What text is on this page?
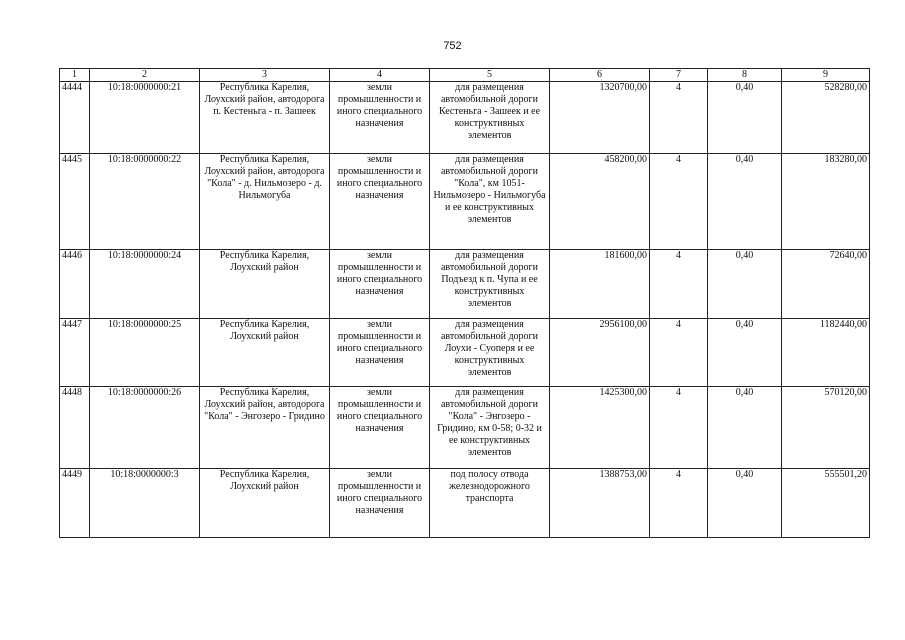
752
1	2	3	4	5	6	7	8	9
4444	10:18:0000000:21	Республика Карелия, Лоухский район, автодорога п. Кестеньга - п. Зашеек	земли промышленности и иного специального назначения	для размещения автомобильной дороги Кестеньга - Зашеек и ее конструктивных элементов	1320700,00	4	0,40	528280,00
4445	10:18:0000000:22	Республика Карелия, Лоухский район, автодорога "Кола" - д. Нильмозеро - д. Нильмогуба	земли промышленности и иного специального назначения	для размещения автомобильной дороги "Кола", км 1051-Нильмозеро - Нильмогуба и ее конструктивных элементов	458200,00	4	0,40	183280,00
4446	10:18:0000000:24	Республика Карелия, Лоухский район	земли промышленности и иного специального назначения	для размещения автомобильной дороги Подъезд к п. Чупа и ее конструктивных элементов	181600,00	4	0,40	72640,00
4447	10:18:0000000:25	Республика Карелия, Лоухский район	земли промышленности и иного специального назначения	для размещения автомобильной дороги Лоухи - Суоперя и ее конструктивных элементов	2956100,00	4	0,40	1182440,00
4448	10:18:0000000:26	Республика Карелия, Лоухский район, автодорога "Кола" - Энгозеро - Гридино	земли промышленности и иного специального назначения	для размещения автомобильной дороги "Кола" - Энгозеро - Гридино, км 0-58; 0-32 и ее конструктивных элементов	1425300,00	4	0,40	570120,00
4449	10:18:0000000:3	Республика Карелия, Лоухский район	земли промышленности и иного специального назначения	под полосу отвода железнодорожного транспорта	1388753,00	4	0,40	555501,20
